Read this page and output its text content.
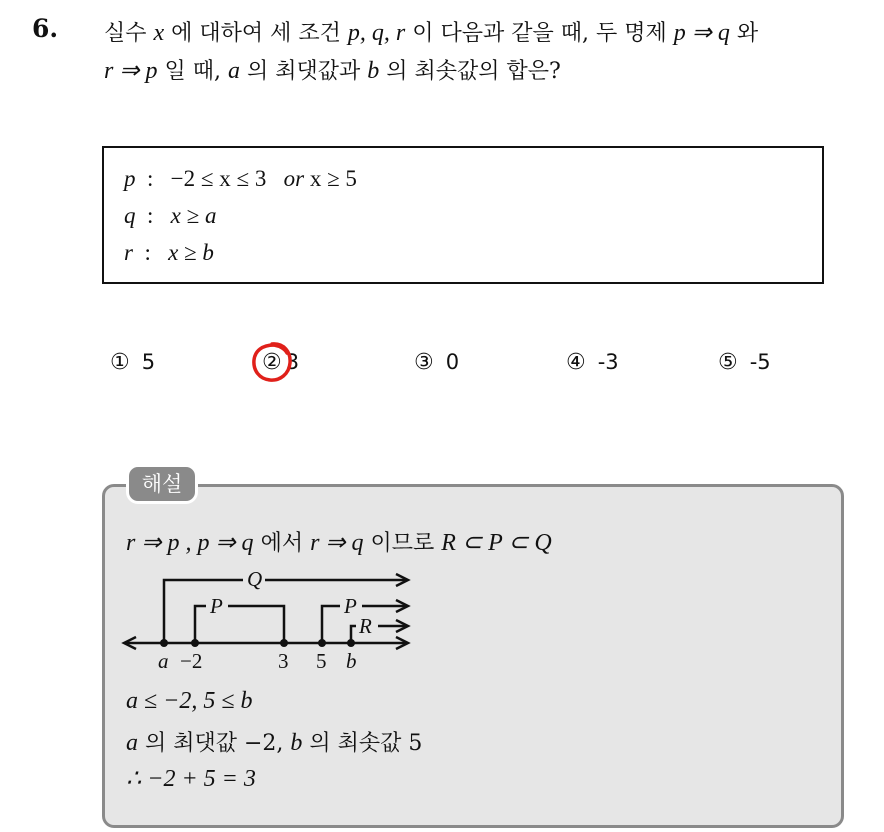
6. 실수 x 에 대하여 세 조건 p, q, r 이 다음과 같을 때, 두 명제 p ⇒ q 와
r ⇒ p 일 때, a 의 최댓값과 b 의 최솟값의 합은?
p : −2 ≤ x ≤ 3 or x ≥ 5
q : x ≥ a
r : x ≥ b
① 5	② 3	③ 0	④ -3	⑤ -5
해설
r ⇒ p , p ⇒ q 에서 r ⇒ q 이므로 R ⊂ P ⊂ Q
Q
P	P
R
a −2	3 5 b
a ≤ −2, 5 ≤ b
a 의 최댓값 −2, b 의 최솟값 5
∴ −2 + 5 = 3
